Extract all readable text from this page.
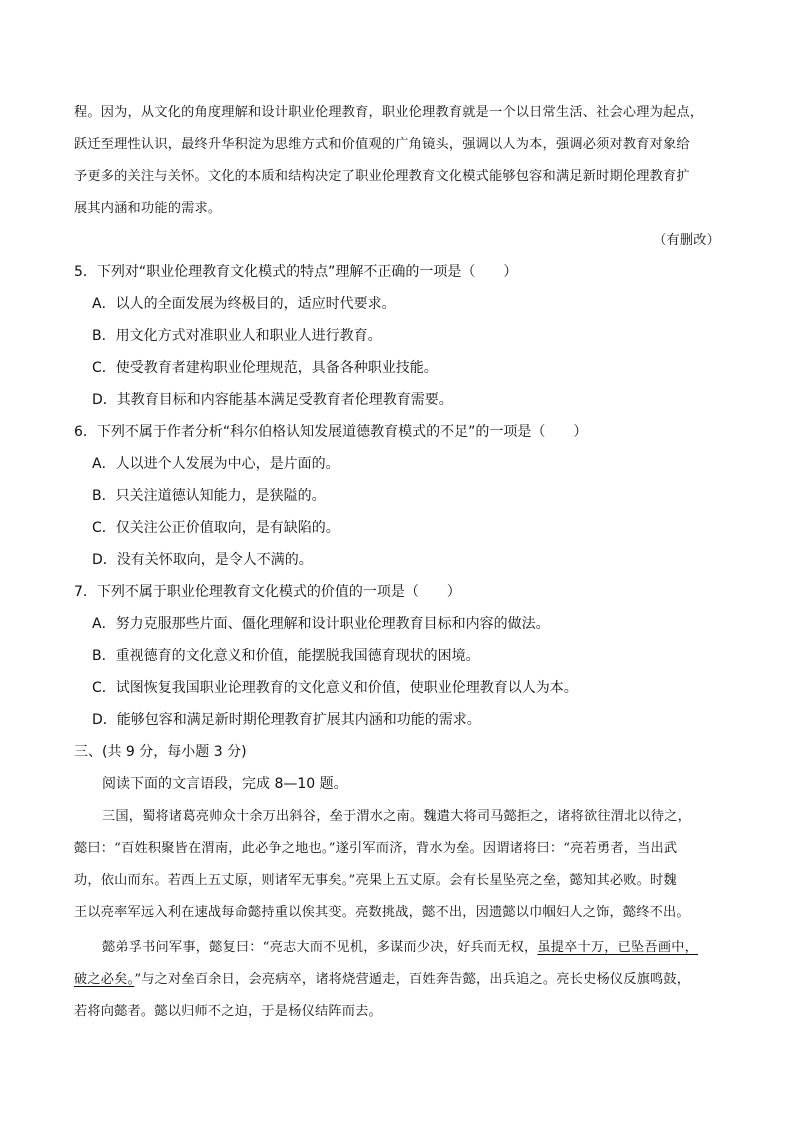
程。因为，从文化的角度理解和设计职业伦理教育，职业伦理教育就是一个以日常生活、社会心理为起点，

跃迁至理性认识，最终升华积淀为思维方式和价值观的广角镜头，强调以人为本，强调必须对教育对象给

予更多的关注与关怀。文化的本质和结构决定了职业伦理教育文化模式能够包容和满足新时期伦理教育扩

展其内涵和功能的需求。

（有删改）

5．下列对“职业伦理教育文化模式的特点”理解不正确的一项是（　　）

A．以人的全面发展为终极目的，适应时代要求。

B．用文化方式对准职业人和职业人进行教育。

C．使受教育者建构职业伦理规范，具备各种职业技能。

D．其教育目标和内容能基本满足受教育者伦理教育需要。

6．下列不属于作者分析“科尔伯格认知发展道德教育模式的不足”的一项是（　　）

A．人以进个人发展为中心，是片面的。

B．只关注道德认知能力，是狭隘的。

C．仅关注公正价值取向，是有缺陷的。

D．没有关怀取向，是令人不满的。

7．下列不属于职业伦理教育文化模式的价值的一项是（　　）

A．努力克服那些片面、僵化理解和设计职业伦理教育目标和内容的做法。

B．重视德育的文化意义和价值，能摆脱我国德育现状的困境。

C．试图恢复我国职业论理教育的文化意义和价值，使职业伦理教育以人为本。

D．能够包容和满足新时期伦理教育扩展其内涵和功能的需求。

三、(共 9 分，每小题 3 分)

阅读下面的文言语段，完成 8—10 题。

三国，蜀将诸葛亮帅众十余万出斜谷，垒于渭水之南。魏遣大将司马懿拒之，诸将欲往渭北以待之，

懿曰：“百姓积聚皆在渭南，此必争之地也。”遂引军而济，背水为垒。因谓诸将曰：“亮若勇者，当出武

功，依山而东。若西上五丈原，则诸军无事矣。”亮果上五丈原。会有长星坠亮之垒，懿知其必败。时魏

王以亮率军远入利在速战每命懿持重以俟其变。亮数挑战，懿不出，因遗懿以巾帼妇人之饰，懿终不出。

懿弟孚书问军事，懿复曰：“亮志大而不见机，多谋而少决，好兵而无权，虽提卒十万，已坠吾画中，

破之必矣。”与之对垒百余日，会亮病卒，诸将烧营遁走，百姓奔告懿，出兵追之。亮长史杨仪反旗鸣鼓，

若将向懿者。懿以归师不之迫，于是杨仪结阵而去。
